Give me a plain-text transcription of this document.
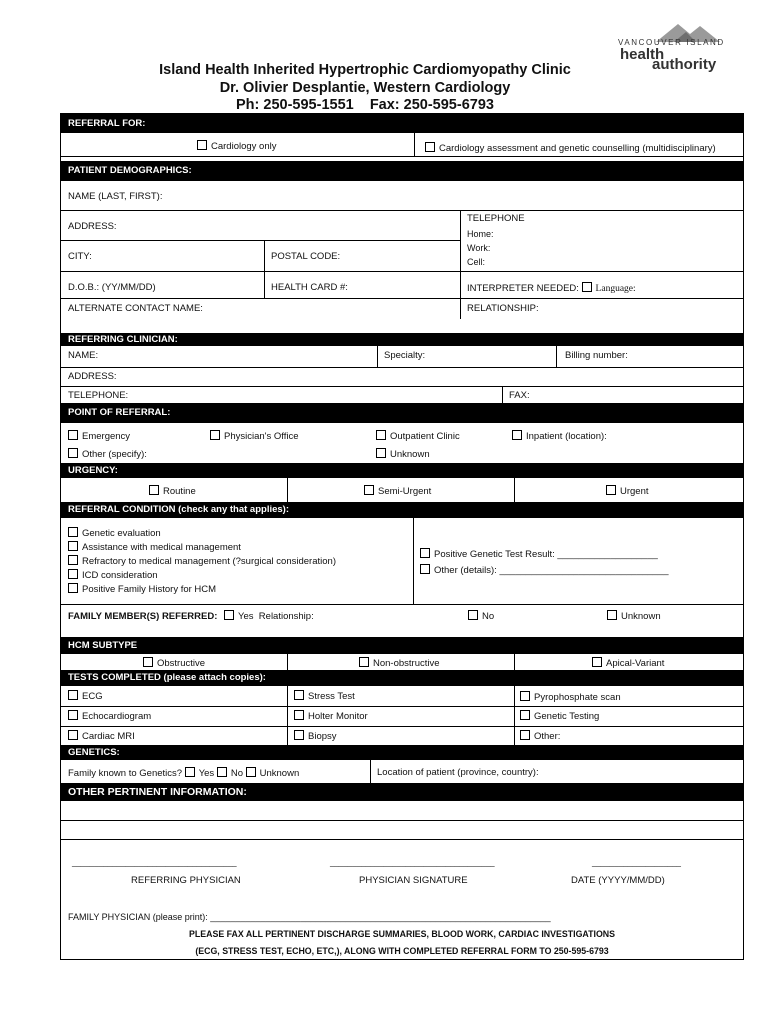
VANCOUVER ISLAND
health
authority
Island Health Inherited Hypertrophic Cardiomyopathy Clinic
Dr. Olivier Desplantie, Western Cardiology
Ph: 250-595-1551    Fax: 250-595-6793
REFERRAL FOR:
Cardiology only	Cardiology assessment and genetic counselling (multidisciplinary)
PATIENT DEMOGRAPHICS:
NAME (LAST, FIRST):
ADDRESS:
TELEPHONE
Home:
Work:
Cell:
CITY:	POSTAL CODE:
D.O.B.: (YY/MM/DD)	HEALTH CARD #:	INTERPRETER NEEDED: Language:
ALTERNATE CONTACT NAME:	RELATIONSHIP:
REFERRING CLINICIAN:
NAME:	Specialty:	Billing number:
ADDRESS:
TELEPHONE:	FAX:
POINT OF REFERRAL:
Emergency	Physician's Office	Outpatient Clinic	Inpatient (location):
Other (specify):	Unknown
URGENCY:
Routine	Semi-Urgent	Urgent
REFERRAL CONDITION (check any that applies):
Genetic evaluation
Assistance with medical management
Refractory to medical management (?surgical consideration)
ICD consideration
Positive Family History for HCM
Positive Genetic Test Result: ___________________
Other (details): ________________________________
FAMILY MEMBER(S) REFERRED: Yes Relationship:	No	Unknown
HCM SUBTYPE
Obstructive	Non-obstructive	Apical-Variant
TESTS COMPLETED (please attach copies):
ECG	Stress Test	Pyrophosphate scan
Echocardiogram	Holter Monitor	Genetic Testing
Cardiac MRI	Biopsy	Other:
GENETICS:
Family known to Genetics? Yes No Unknown	Location of patient (province, country):
OTHER PERTINENT INFORMATION:
_____________________________________	_____________________________________	____________________
REFERRING PHYSICIAN	PHYSICIAN SIGNATURE	DATE (YYYY/MM/DD)
FAMILY PHYSICIAN (please print): ____________________________________________________________________
PLEASE FAX ALL PERTINENT DISCHARGE SUMMARIES, BLOOD WORK, CARDIAC INVESTIGATIONS
(ECG, STRESS TEST, ECHO, ETC,), ALONG WITH COMPLETED REFERRAL FORM TO 250-595-6793
